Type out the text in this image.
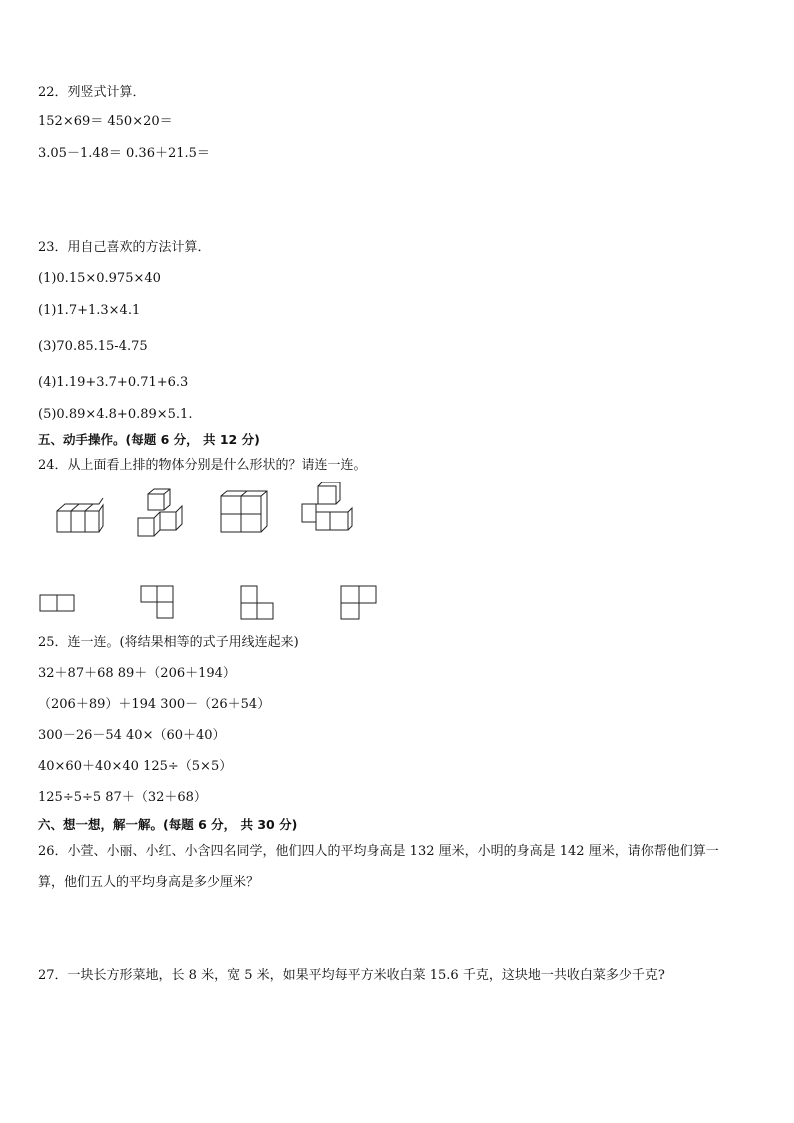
22．列竖式计算．
152×69＝ 450×20＝
3.05－1.48＝ 0.36＋21.5＝
23．用自己喜欢的方法计算．
(1)0.15×0.975×40
(1)1.7+1.3×4.1
(3)70.85.15-4.75
(4)1.19+3.7+0.71+6.3
(5)0.89×4.8+0.89×5.1.
五、动手操作。(每题 6 分， 共 12 分)
24．从上面看上排的物体分别是什么形状的？请连一连。
25．连一连。(将结果相等的式子用线连起来)
32＋87＋68 89＋（206＋194）
（206＋89）＋194 300－（26＋54）
300－26－54 40×（60＋40）
40×60＋40×40 125÷（5×5）
125÷5÷5 87＋（32＋68）
六、想一想，解一解。(每题 6 分， 共 30 分)
26．小萱、小丽、小红、小含四名同学，他们四人的平均身高是 132 厘米，小明的身高是 142 厘米，请你帮他们算一
算，他们五人的平均身高是多少厘米？
27．一块长方形菜地，长 8 米，宽 5 米，如果平均每平方米收白菜 15.6 千克，这块地一共收白菜多少千克?
